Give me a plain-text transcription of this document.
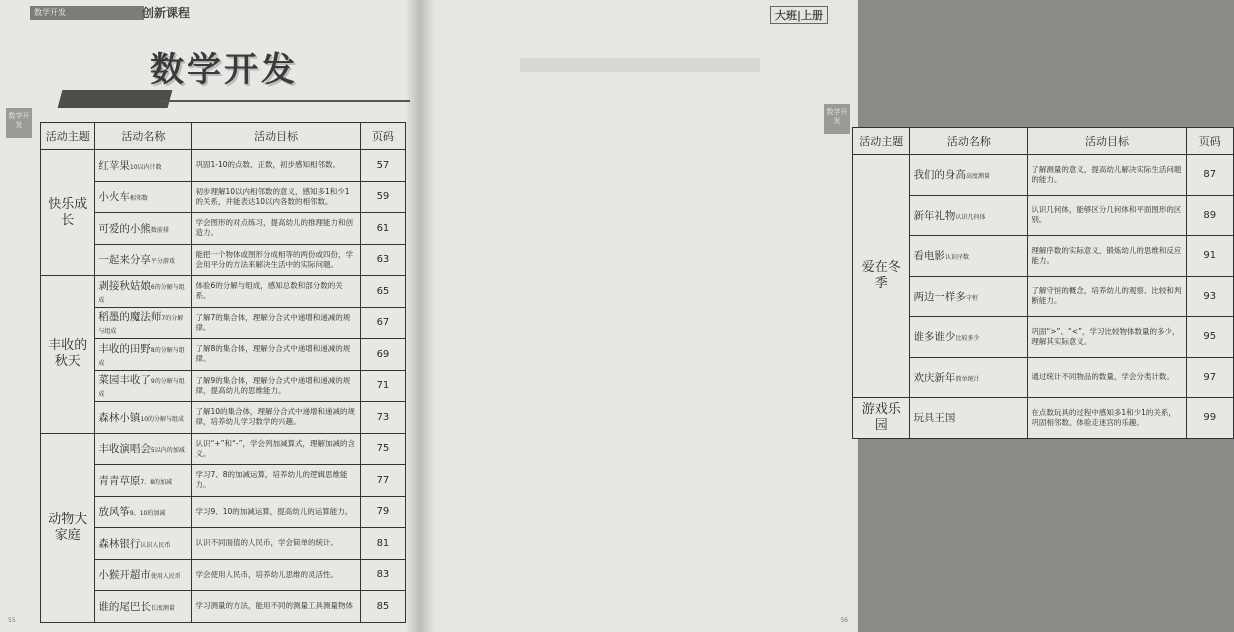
数学开发	创新课程
数学开发
数学开发
活动主题	活动名称	活动目标	页码
快乐成长	红苹果10以内计数	巩固1-10的点数、正数，初步感知相邻数。	57
	小火车相邻数	初步理解10以内相邻数的意义，感知多1和少1的关系，并能表达10以内各数的相邻数。	59
	可爱的小熊数前排	学会图形的对点练习，提高幼儿的推理能力和创造力。	61
	一起来分享平分游戏	能把一个物体或图形分成相等的两份或四份，学会用平分的方法来解决生活中的实际问题。	63
丰收的秋天	剥接秋姑娘6的分解与组成	体验6的分解与组成，感知总数和部分数的关系。	65
	稻墨的魔法师7的分解与组成	了解7的集合体，理解分合式中递增和递减的规律。	67
	丰收的田野8的分解与组成	了解8的集合体，理解分合式中递增和递减的规律。	69
	菜园丰收了9的分解与组成	了解9的集合体，理解分合式中递增和递减的规律，提高幼儿的思维能力。	71
	森林小镇10的分解与组成	了解10的集合体，理解分合式中递增和递减的规律，培养幼儿学习数学的兴趣。	73
动物大家庭	丰收演唱会5以内的加减	认识“+”和“-”，学会列加减算式，理解加减的含义。	75
	青青草原7、8的加减	学习7、8的加减运算，培养幼儿的逻辑思维能力。	77
	放风筝9、10的加减	学习9、10的加减运算，提高幼儿的运算能力。	79
	森林银行认识人民币	认识不同面值的人民币，学会简单的统计。	81
	小猴开超市使用人民币	学会使用人民币，培养幼儿思维的灵活性。	83
	谁的尾巴长长度测量	学习测量的方法，能用不同的测量工具测量物体	85
55
大班|上册
数学开发
活动主题	活动名称	活动目标	页码
爱在冬季	我们的身高高度测量	了解测量的意义，提高幼儿解决实际生活问题的能力。	87
	新年礼物认识几何体	认识几何体，能够区分几何体和平面图形的区别。	89
	看电影认识序数	理解序数的实际意义，锻炼幼儿的思维和反应能力。	91
	两边一样多守恒	了解守恒的概念，培养幼儿的观察、比较和判断能力。	93
	谁多谁少比较多少	巩固“>”、“<”，学习比较物体数量的多少，理解其实际意义。	95
	欢庆新年简单统计	通过统计不同物品的数量，学会分类计数。	97
游戏乐园	玩具王国	在点数玩具的过程中感知多1和少1的关系，巩固相邻数。体验走迷宫的乐趣。	99
56
